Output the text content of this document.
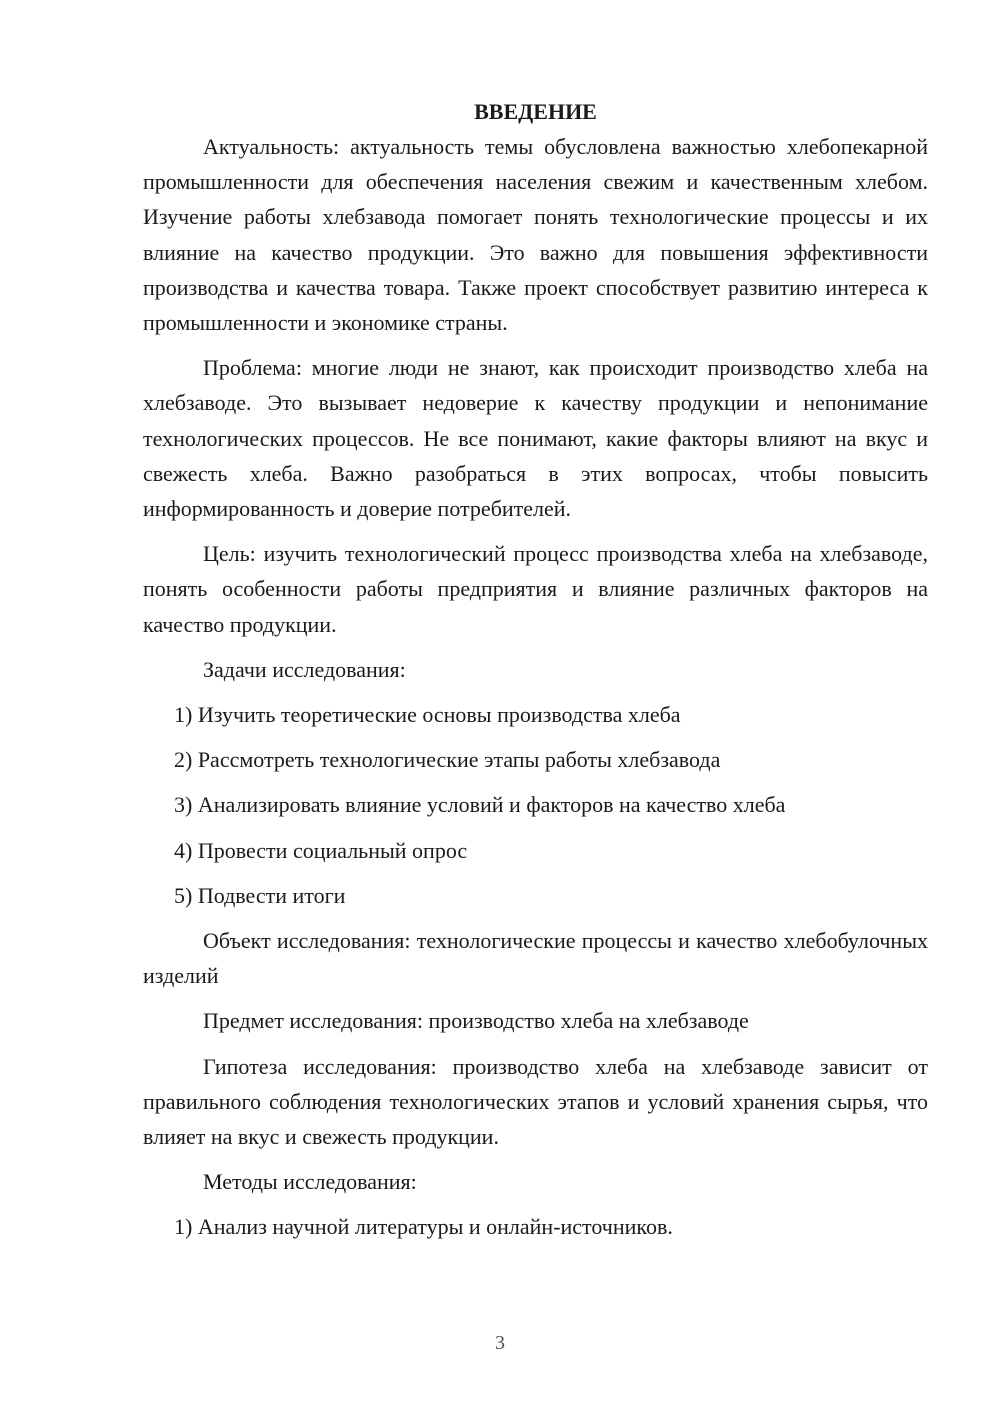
ВВЕДЕНИЕ

Актуальность: актуальность темы обусловлена важностью хлебопекарной промышленности для обеспечения населения свежим и качественным хлебом. Изучение работы хлебзавода помогает понять технологические процессы и их влияние на качество продукции. Это важно для повышения эффективности производства и качества товара. Также проект способствует развитию интереса к промышленности и экономике страны.

Проблема: многие люди не знают, как происходит производство хлеба на хлебзаводе. Это вызывает недоверие к качеству продукции и непонимание технологических процессов. Не все понимают, какие факторы влияют на вкус и свежесть хлеба. Важно разобраться в этих вопросах, чтобы повысить информированность и доверие потребителей.

Цель: изучить технологический процесс производства хлеба на хлебзаводе, понять особенности работы предприятия и влияние различных факторов на качество продукции.

Задачи исследования:

1) Изучить теоретические основы производства хлеба

2) Рассмотреть технологические этапы работы хлебзавода

3) Анализировать влияние условий и факторов на качество хлеба

4) Провести социальный опрос

5) Подвести итоги

Объект исследования: технологические процессы и качество хлебобулочных изделий

Предмет исследования: производство хлеба на хлебзаводе

Гипотеза исследования: производство хлеба на хлебзаводе зависит от правильного соблюдения технологических этапов и условий хранения сырья, что влияет на вкус и свежесть продукции.

Методы исследования:

1) Анализ научной литературы и онлайн-источников.

3
